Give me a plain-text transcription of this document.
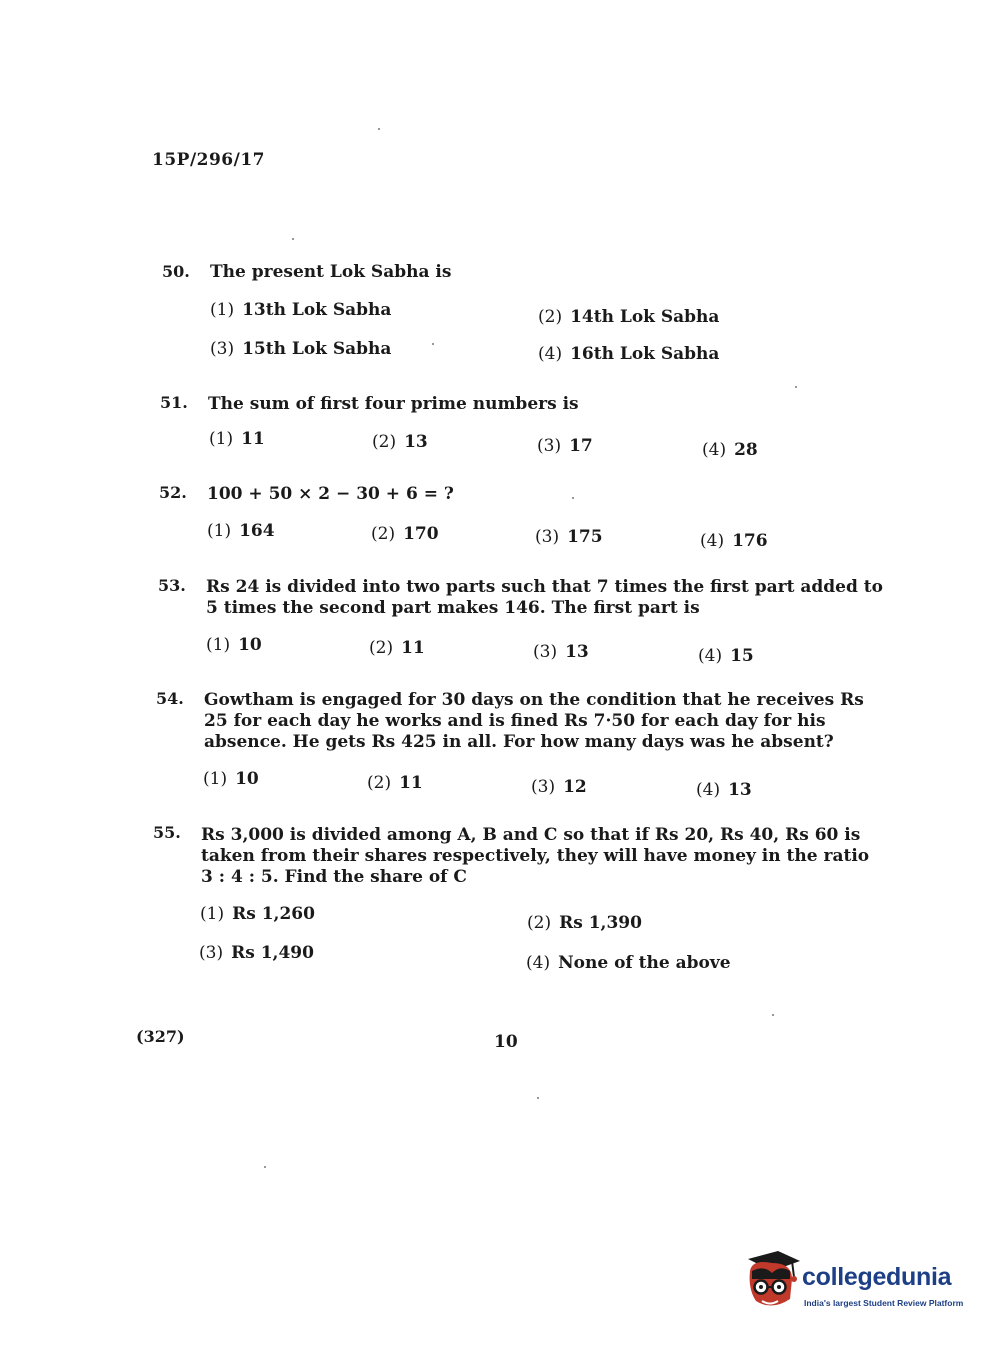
15P/296/17
50. The present Lok Sabha is
(1) 13th Lok Sabha	(2) 14th Lok Sabha
(3) 15th Lok Sabha	(4) 16th Lok Sabha
51. The sum of first four prime numbers is
(1) 11	(2) 13	(3) 17	(4) 28
52. 100 + 50 × 2 − 30 + 6 = ?
(1) 164	(2) 170	(3) 175	(4) 176
53. Rs 24 is divided into two parts such that 7 times the first part added to 5 times the second part makes 146. The first part is
(1) 10	(2) 11	(3) 13	(4) 15
54. Gowtham is engaged for 30 days on the condition that he receives Rs 25 for each day he works and is fined Rs 7·50 for each day for his absence. He gets Rs 425 in all. For how many days was he absent?
(1) 10	(2) 11	(3) 12	(4) 13
55. Rs 3,000 is divided among A, B and C so that if Rs 20, Rs 40, Rs 60 is taken from their shares respectively, they will have money in the ratio 3 : 4 : 5. Find the share of C
(1) Rs 1,260	(2) Rs 1,390
(3) Rs 1,490	(4) None of the above
(327)	10
collegedunia
India's largest Student Review Platform
